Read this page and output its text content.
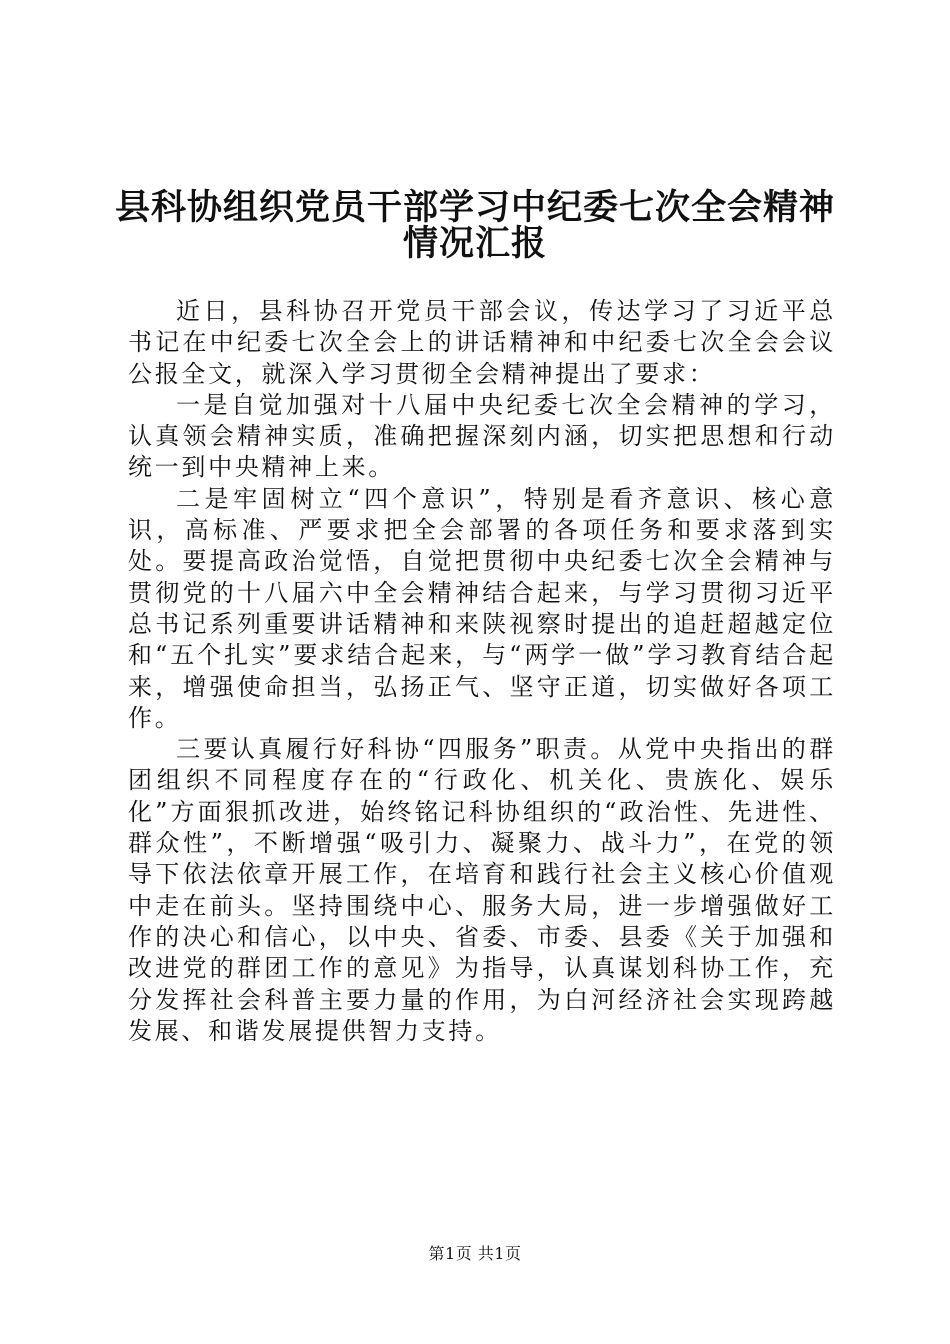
县科协组织党员干部学习中纪委七次全会精神
情况汇报

近日，县科协召开党员干部会议，传达学习了习近平总书记在中纪委七次全会上的讲话精神和中纪委七次全会会议公报全文，就深入学习贯彻全会精神提出了要求：

一是自觉加强对十八届中央纪委七次全会精神的学习，认真领会精神实质，准确把握深刻内涵，切实把思想和行动统一到中央精神上来。

二是牢固树立“四个意识”，特别是看齐意识、核心意识，高标准、严要求把全会部署的各项任务和要求落到实处。要提高政治觉悟，自觉把贯彻中央纪委七次全会精神与贯彻党的十八届六中全会精神结合起来，与学习贯彻习近平总书记系列重要讲话精神和来陕视察时提出的追赶超越定位和“五个扎实”要求结合起来，与“两学一做”学习教育结合起来，增强使命担当，弘扬正气、坚守正道，切实做好各项工作。

三要认真履行好科协“四服务”职责。从党中央指出的群团组织不同程度存在的“行政化、机关化、贵族化、娱乐化”方面狠抓改进，始终铭记科协组织的“政治性、先进性、群众性”，不断增强“吸引力、凝聚力、战斗力”，在党的领导下依法依章开展工作，在培育和践行社会主义核心价值观中走在前头。坚持围绕中心、服务大局，进一步增强做好工作的决心和信心，以中央、省委、市委、县委《关于加强和改进党的群团工作的意见》为指导，认真谋划科协工作，充分发挥社会科普主要力量的作用，为白河经济社会实现跨越发展、和谐发展提供智力支持。

第1页 共1页
